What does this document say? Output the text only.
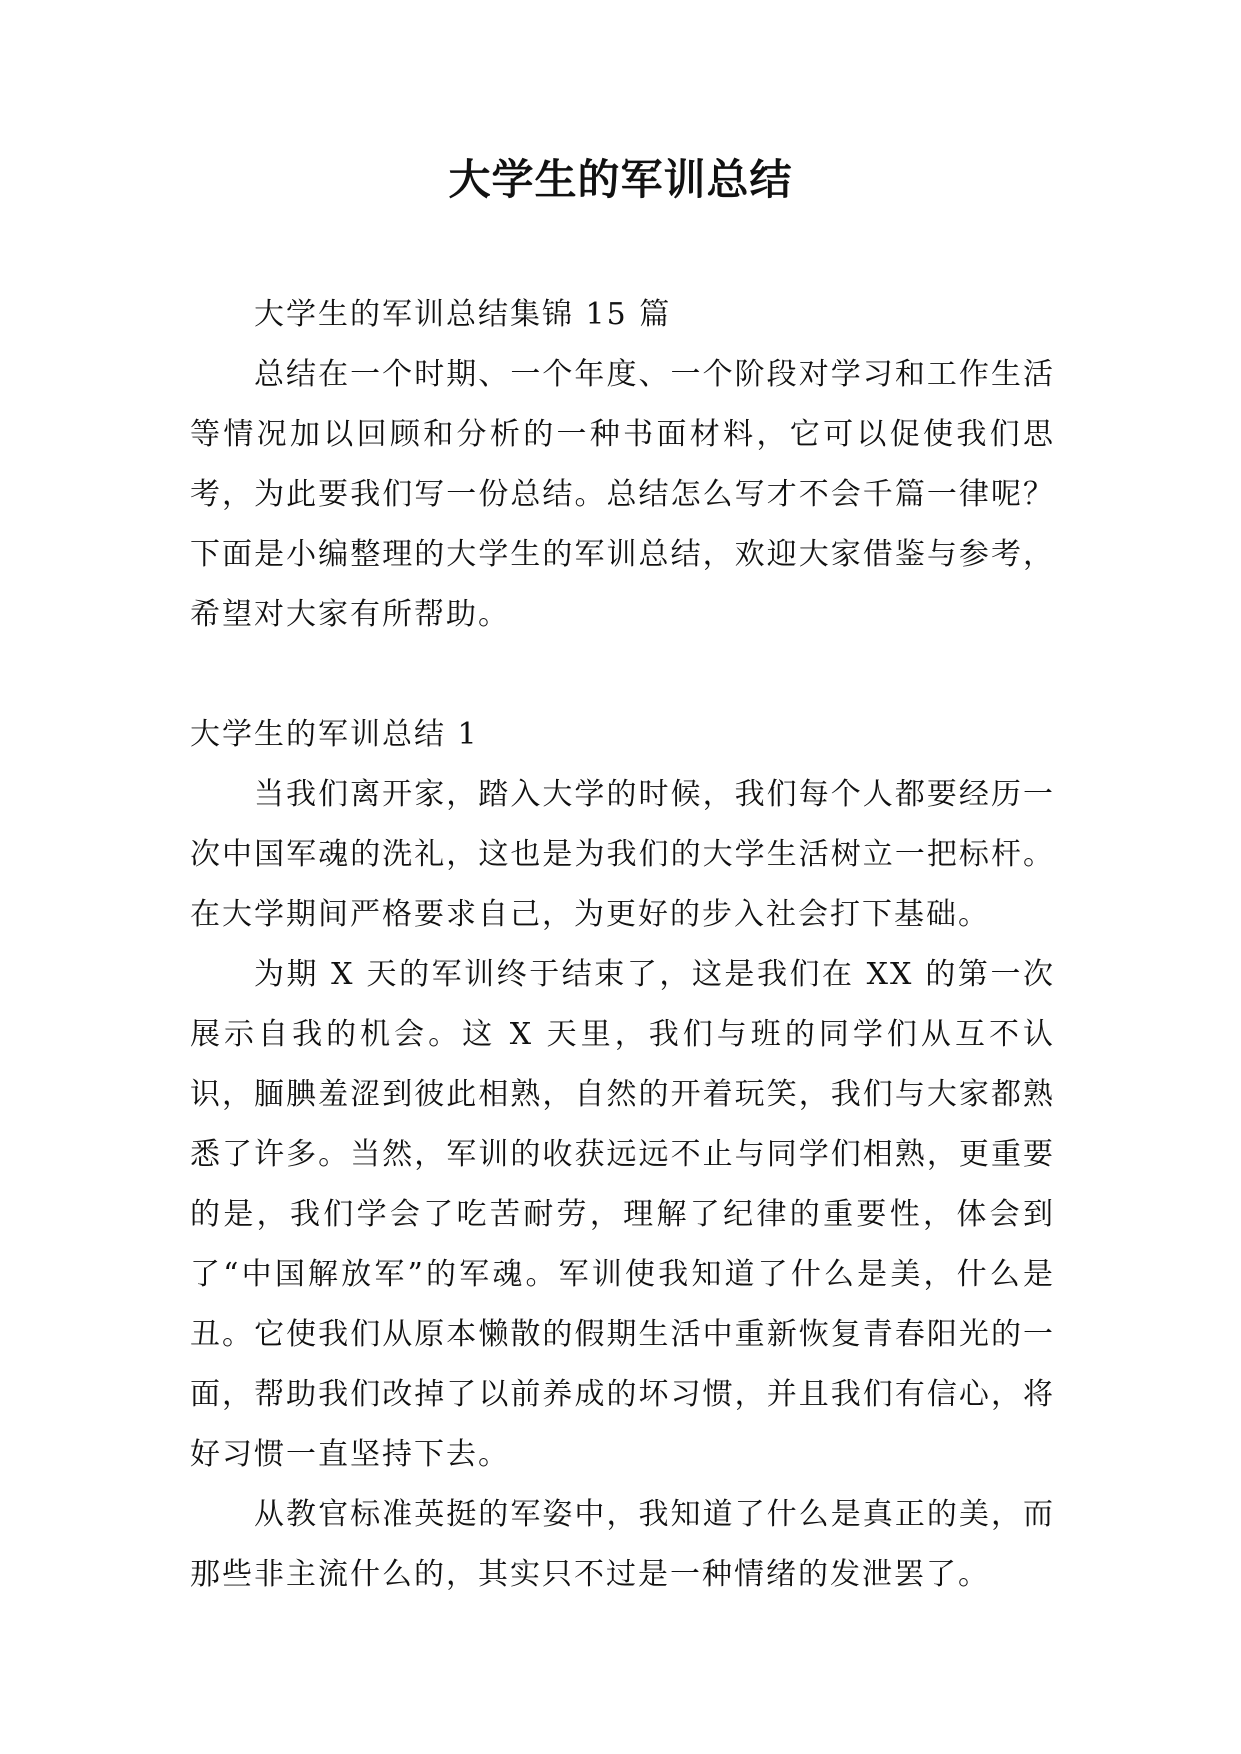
大学生的军训总结

大学生的军训总结集锦 15 篇

总结在一个时期、一个年度、一个阶段对学习和工作生活等情况加以回顾和分析的一种书面材料，它可以促使我们思考，为此要我们写一份总结。总结怎么写才不会千篇一律呢？下面是小编整理的大学生的军训总结，欢迎大家借鉴与参考，希望对大家有所帮助。

大学生的军训总结 1

当我们离开家，踏入大学的时候，我们每个人都要经历一次中国军魂的洗礼，这也是为我们的大学生活树立一把标杆。在大学期间严格要求自己，为更好的步入社会打下基础。

为期 X 天的军训终于结束了，这是我们在 XX 的第一次展示自我的机会。这 X 天里，我们与班的同学们从互不认识，腼腆羞涩到彼此相熟，自然的开着玩笑，我们与大家都熟悉了许多。当然，军训的收获远远不止与同学们相熟，更重要的是，我们学会了吃苦耐劳，理解了纪律的重要性，体会到了“中国解放军”的军魂。军训使我知道了什么是美，什么是丑。它使我们从原本懒散的假期生活中重新恢复青春阳光的一面，帮助我们改掉了以前养成的坏习惯，并且我们有信心，将好习惯一直坚持下去。

从教官标准英挺的军姿中，我知道了什么是真正的美，而那些非主流什么的，其实只不过是一种情绪的发泄罢了。
